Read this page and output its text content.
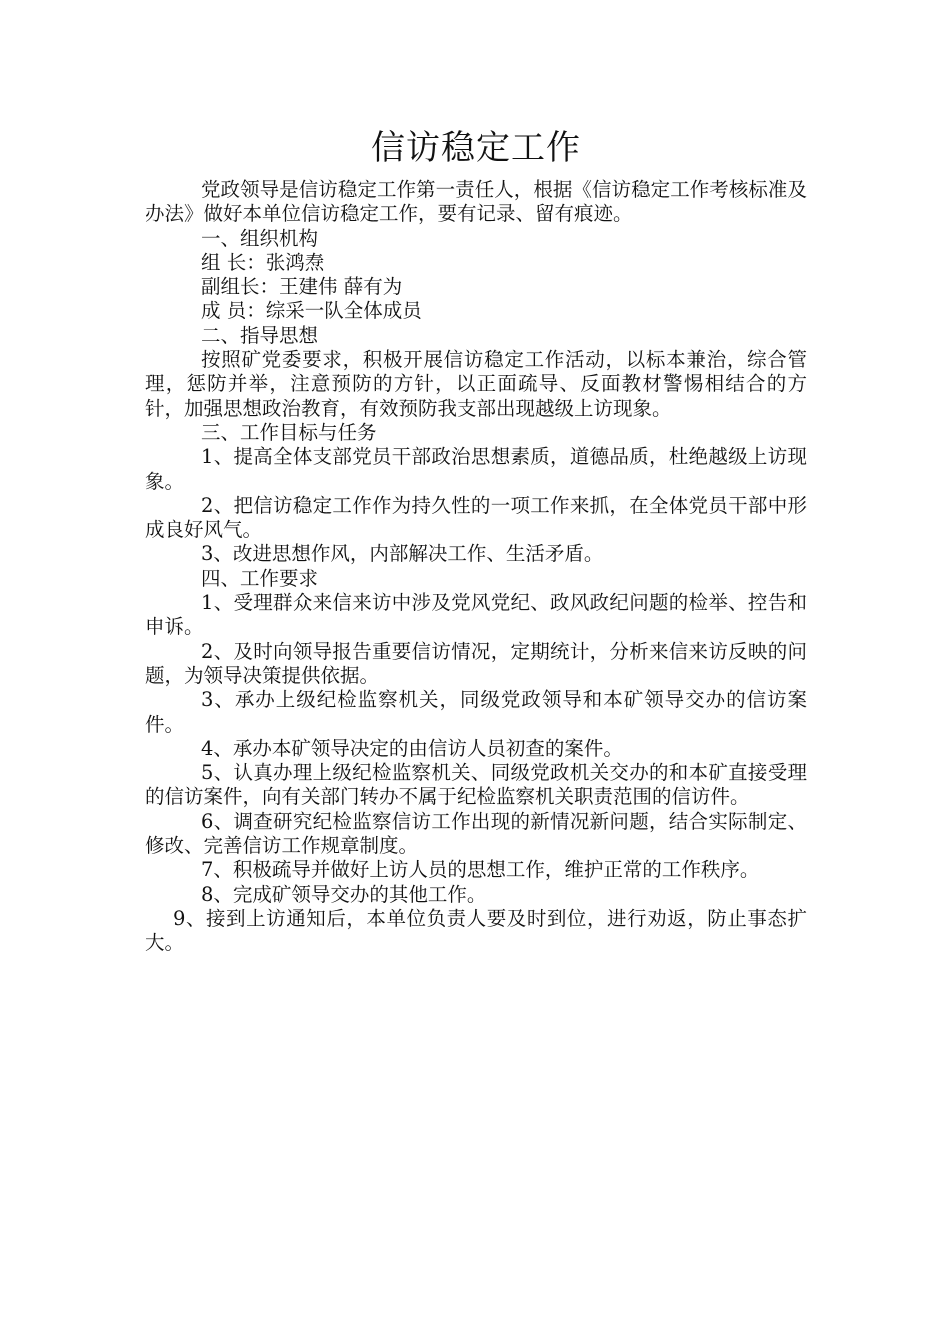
信访稳定工作

党政领导是信访稳定工作第一责任人，根据《信访稳定工作考核标准及办法》做好本单位信访稳定工作，要有记录、留有痕迹。

一、组织机构

组 长：张鸿焘

副组长：王建伟 薛有为

成 员：综采一队全体成员

二、指导思想

按照矿党委要求，积极开展信访稳定工作活动，以标本兼治，综合管理，惩防并举，注意预防的方针，以正面疏导、反面教材警惕相结合的方针，加强思想政治教育，有效预防我支部出现越级上访现象。

三、工作目标与任务

1、提高全体支部党员干部政治思想素质，道德品质，杜绝越级上访现象。

2、把信访稳定工作作为持久性的一项工作来抓，在全体党员干部中形成良好风气。

3、改进思想作风，内部解决工作、生活矛盾。

四、工作要求

1、受理群众来信来访中涉及党风党纪、政风政纪问题的检举、控告和申诉。

2、及时向领导报告重要信访情况，定期统计，分析来信来访反映的问题，为领导决策提供依据。

3、承办上级纪检监察机关，同级党政领导和本矿领导交办的信访案件。

4、承办本矿领导决定的由信访人员初查的案件。

5、认真办理上级纪检监察机关、同级党政机关交办的和本矿直接受理的信访案件，向有关部门转办不属于纪检监察机关职责范围的信访件。

6、调查研究纪检监察信访工作出现的新情况新问题，结合实际制定、修改、完善信访工作规章制度。

7、积极疏导并做好上访人员的思想工作，维护正常的工作秩序。

8、完成矿领导交办的其他工作。

9、接到上访通知后，本单位负责人要及时到位，进行劝返，防止事态扩大。
